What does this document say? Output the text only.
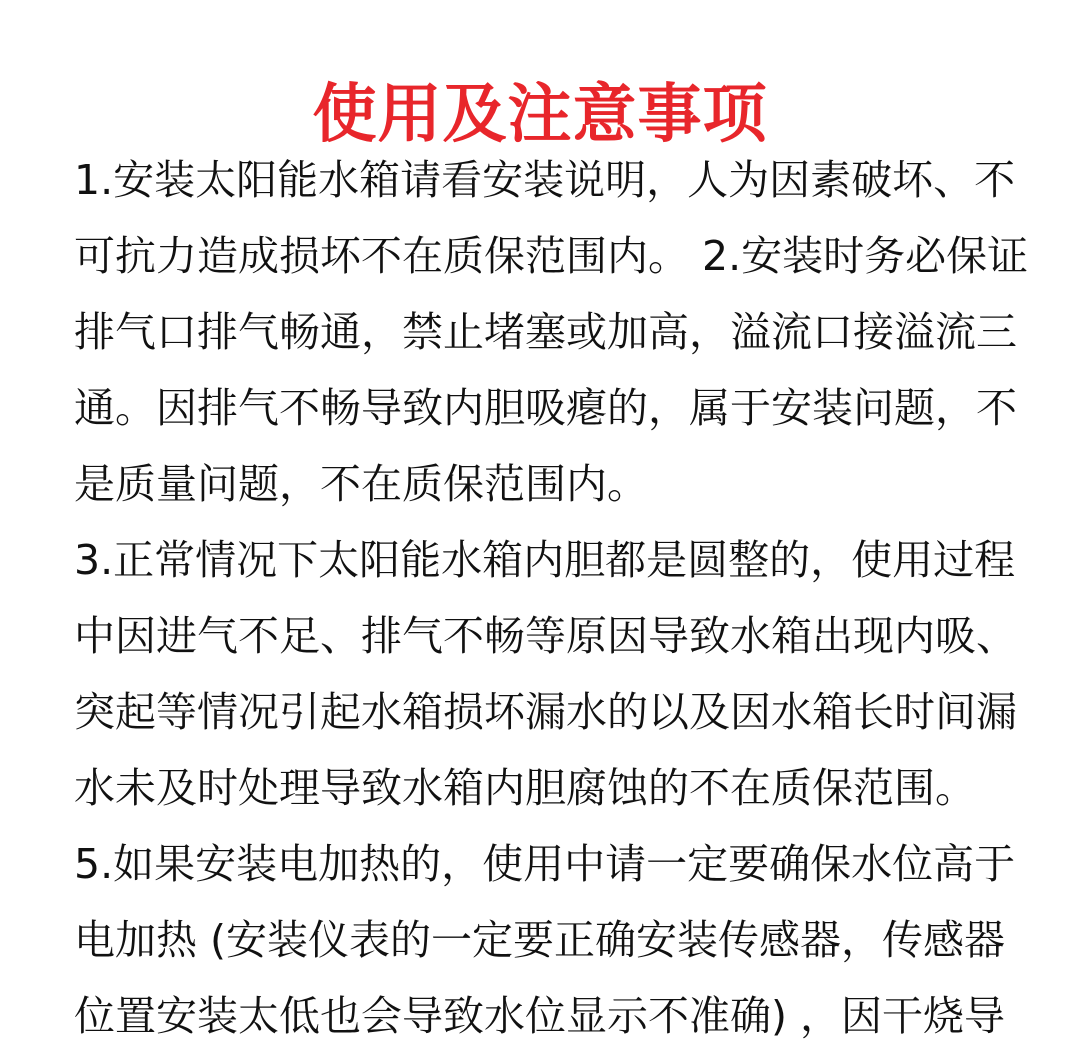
使用及注意事项

1.安装太阳能水箱请看安装说明，人为因素破坏、不
可抗力造成损坏不在质保范围内。 2.安装时务必保证
排气口排气畅通，禁止堵塞或加高，溢流口接溢流三
通。因排气不畅导致内胆吸瘪的，属于安装问题，不
是质量问题，不在质保范围内。

3.正常情况下太阳能水箱内胆都是圆整的，使用过程
中因进气不足、排气不畅等原因导致水箱出现内吸、
突起等情况引起水箱损坏漏水的以及因水箱长时间漏
水未及时处理导致水箱内胆腐蚀的不在质保范围。

5.如果安装电加热的，使用中请一定要确保水位高于
电加热 (安装仪表的一定要正确安装传感器，传感器
位置安装太低也会导致水位显示不准确) ，因干烧导
